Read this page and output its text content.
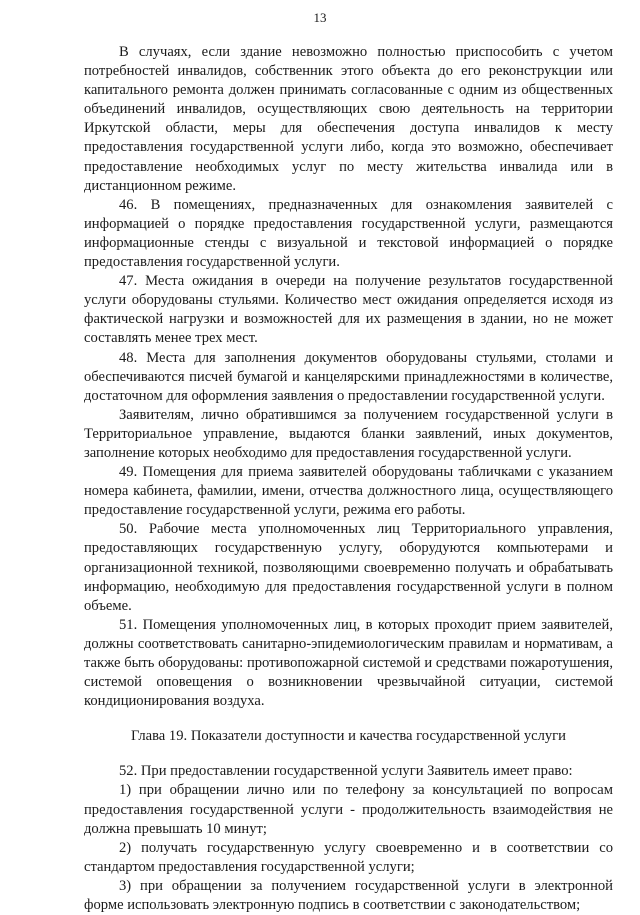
13

В случаях, если здание невозможно полностью приспособить с учетом потребностей инвалидов, собственник этого объекта до его реконструкции или капитального ремонта должен принимать согласованные с одним из общественных объединений инвалидов, осуществляющих свою деятельность на территории Иркутской области, меры для обеспечения доступа инвалидов к месту предоставления государственной услуги либо, когда это возможно, обеспечивает предоставление необходимых услуг по месту жительства инвалида или в дистанционном режиме.

46. В помещениях, предназначенных для ознакомления заявителей с информацией о порядке предоставления государственной услуги, размещаются информационные стенды с визуальной и текстовой информацией о порядке предоставления государственной услуги.

47. Места ожидания в очереди на получение результатов государственной услуги оборудованы стульями. Количество мест ожидания определяется исходя из фактической нагрузки и возможностей для их размещения в здании, но не может составлять менее трех мест.

48. Места для заполнения документов оборудованы стульями, столами и обеспечиваются писчей бумагой и канцелярскими принадлежностями в количестве, достаточном для оформления заявления о предоставлении государственной услуги.

Заявителям, лично обратившимся за получением государственной услуги в Территориальное управление, выдаются бланки заявлений, иных документов, заполнение которых необходимо для предоставления государственной услуги.

49. Помещения для приема заявителей оборудованы табличками с указанием номера кабинета, фамилии, имени, отчества должностного лица, осуществляющего предоставление государственной услуги, режима его работы.

50. Рабочие места уполномоченных лиц Территориального управления, предоставляющих государственную услугу, оборудуются компьютерами и организационной техникой, позволяющими своевременно получать и обрабатывать информацию, необходимую для предоставления государственной услуги в полном объеме.

51. Помещения уполномоченных лиц, в которых проходит прием заявителей, должны соответствовать санитарно-эпидемиологическим правилам и нормативам, а также быть оборудованы: противопожарной системой и средствами пожаротушения, системой оповещения о возникновении чрезвычайной ситуации, системой кондиционирования воздуха.

Глава 19. Показатели доступности и качества государственной услуги

52. При предоставлении государственной услуги Заявитель имеет право:

1) при обращении лично или по телефону за консультацией по вопросам предоставления государственной услуги - продолжительность взаимодействия не должна превышать 10 минут;

2) получать государственную услугу своевременно и в соответствии со стандартом предоставления государственной услуги;

3) при обращении за получением государственной услуги в электронной форме использовать электронную подпись в соответствии с законодательством;
